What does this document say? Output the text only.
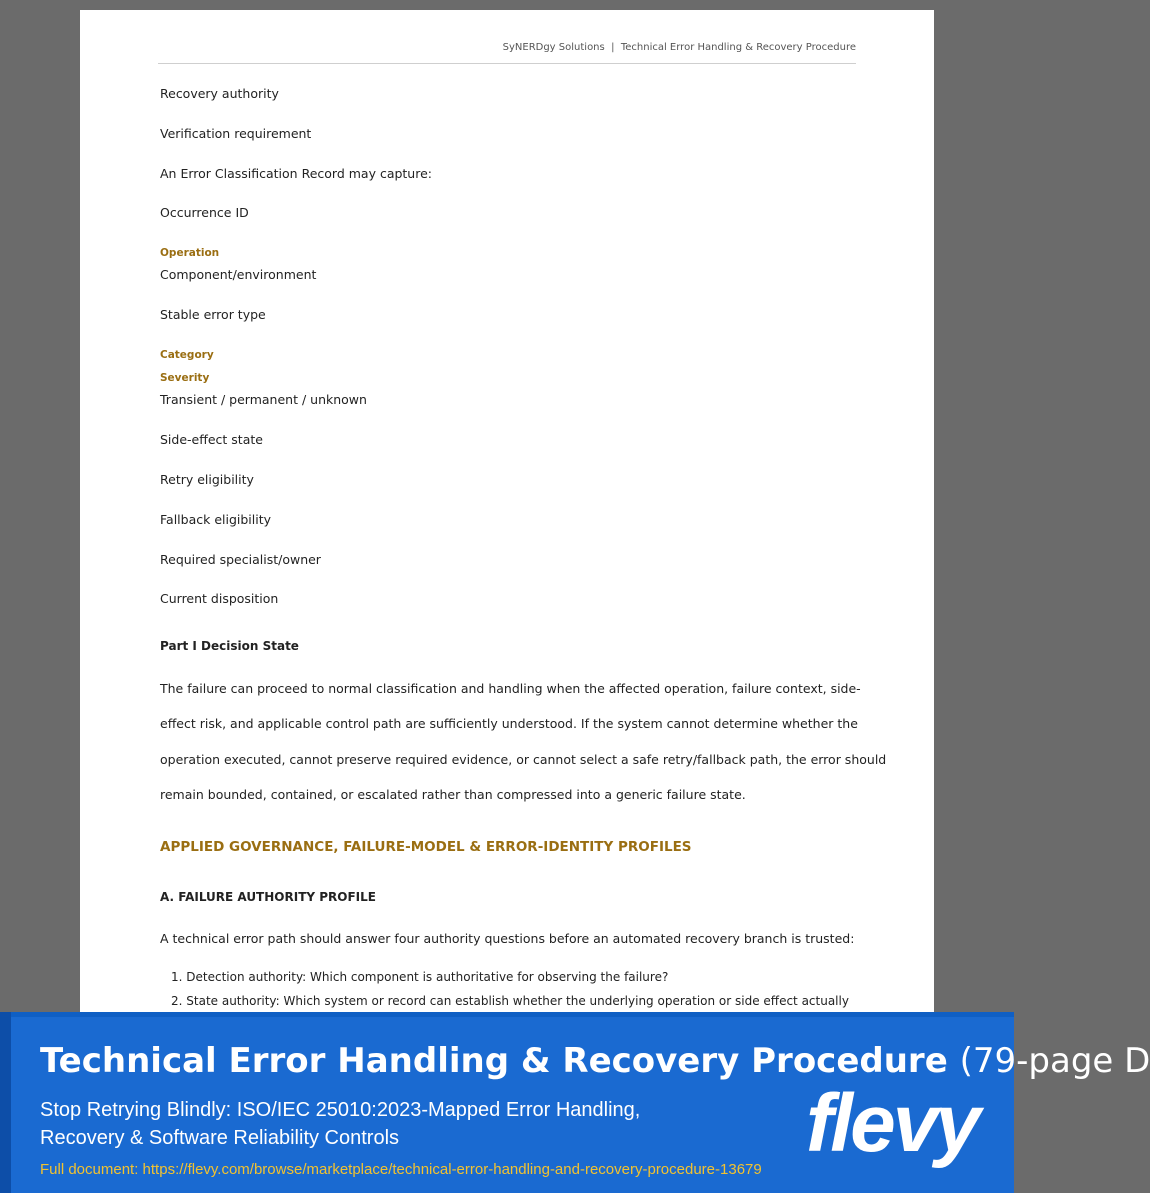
SyNERDgy Solutions | Technical Error Handling & Recovery Procedure
Recovery authority
Verification requirement
An Error Classification Record may capture:
Occurrence ID
Operation
Component/environment
Stable error type
Category
Severity
Transient / permanent / unknown
Side-effect state
Retry eligibility
Fallback eligibility
Required specialist/owner
Current disposition
Part I Decision State
The failure can proceed to normal classification and handling when the affected operation, failure context, side-
effect risk, and applicable control path are sufficiently understood. If the system cannot determine whether the
operation executed, cannot preserve required evidence, or cannot select a safe retry/fallback path, the error should
remain bounded, contained, or escalated rather than compressed into a generic failure state.
APPLIED GOVERNANCE, FAILURE-MODEL & ERROR-IDENTITY PROFILES
A. FAILURE AUTHORITY PROFILE
A technical error path should answer four authority questions before an automated recovery branch is trusted:
1. Detection authority: Which component is authoritative for observing the failure?
2. State authority: Which system or record can establish whether the underlying operation or side effect actually
Technical Error Handling & Recovery Procedure (79-page D
Stop Retrying Blindly: ISO/IEC 25010:2023-Mapped Error Handling,
Recovery & Software Reliability Controls
Full document: https://flevy.com/browse/marketplace/technical-error-handling-and-recovery-procedure-13679
flevy
